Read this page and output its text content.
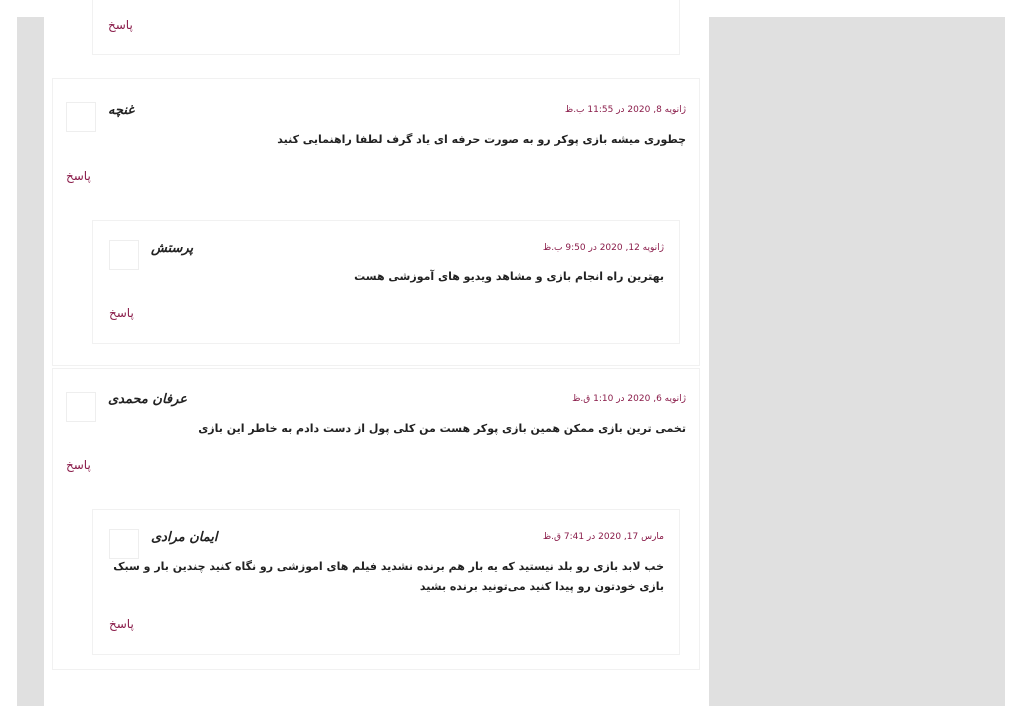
پاسخ
غنچه	ژانویه 8, 2020 در 11:55 ب.ظ
چطوری میشه بازی پوکر رو به صورت حرفه ای یاد گرف لطفا راهنمایی کنید
پاسخ
پرستش	ژانویه 12, 2020 در 9:50 ب.ظ
بهترین راه انجام بازی و مشاهد ویدیو های آموزشی هست
پاسخ
عرفان محمدی	ژانویه 6, 2020 در 1:10 ق.ظ
تخمی ترین بازی ممکن همین بازی پوکر هست من کلی پول از دست دادم به خاطر این بازی
پاسخ
ایمان مرادی	مارس 17, 2020 در 7:41 ق.ظ
خب لابد بازی رو بلد نیستید که یه بار هم برنده نشدید فیلم های اموزشی رو نگاه کنید چندین بار و سبک بازی خودتون رو پیدا کنید می‌تونید برنده بشید
پاسخ
